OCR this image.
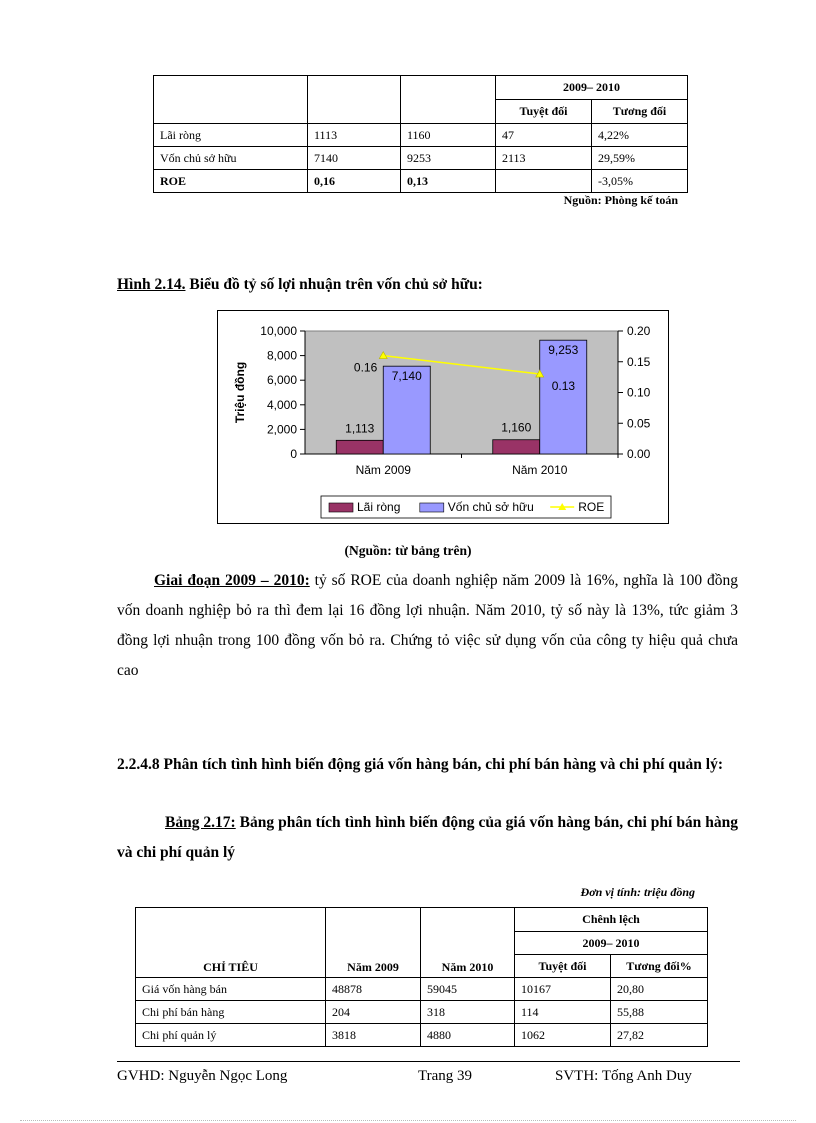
			2009– 2010	
			Tuyệt đối	Tương đối
Lãi ròng	1113	1160	47	4,22%
Vốn chủ sở hữu	7140	9253	2113	29,59%
ROE	0,16	0,13		-3,05%
Nguồn: Phòng kế toán
Hình 2.14. Biểu đồ tỷ số lợi nhuận trên vốn chủ sở hữu:
0
2,000
4,000
6,000
8,000
10,000
0.00
0.05
0.10
0.15
0.20
Triệu đồng
Năm 2009
1,113
7,140
Năm 2010
1,160
9,253
0.16
0.13
Lãi ròng	Vốn chủ sở hữu	ROE
(Nguồn: từ bảng trên)
Giai đoạn 2009 – 2010: tỷ số ROE của doanh nghiệp năm 2009 là 16%, nghĩa là 100 đồng vốn doanh nghiệp bỏ ra thì đem lại 16 đồng lợi nhuận. Năm 2010, tỷ số này là 13%, tức giảm 3 đồng lợi nhuận trong 100 đồng vốn bỏ ra. Chứng tỏ việc sử dụng vốn của công ty hiệu quả chưa cao
2.2.4.8 Phân tích tình hình biến động giá vốn hàng bán, chi phí bán hàng và chi phí quản lý:
Bảng 2.17: Bảng phân tích tình hình biến động của giá vốn hàng bán, chi phí bán hàng và chi phí quản lý
Đơn vị tính: triệu đồng
CHỈ TIÊU	Năm 2009	Năm 2010	Chênh lệch	
			2009– 2010	
			Tuyệt đối	Tương đối%
Giá vốn hàng bán	48878	59045	10167	20,80
Chi phí bán hàng	204	318	114	55,88
Chi phí quản lý	3818	4880	1062	27,82
GVHD: Nguyễn Ngọc Long	Trang 39	SVTH: Tống Anh Duy
